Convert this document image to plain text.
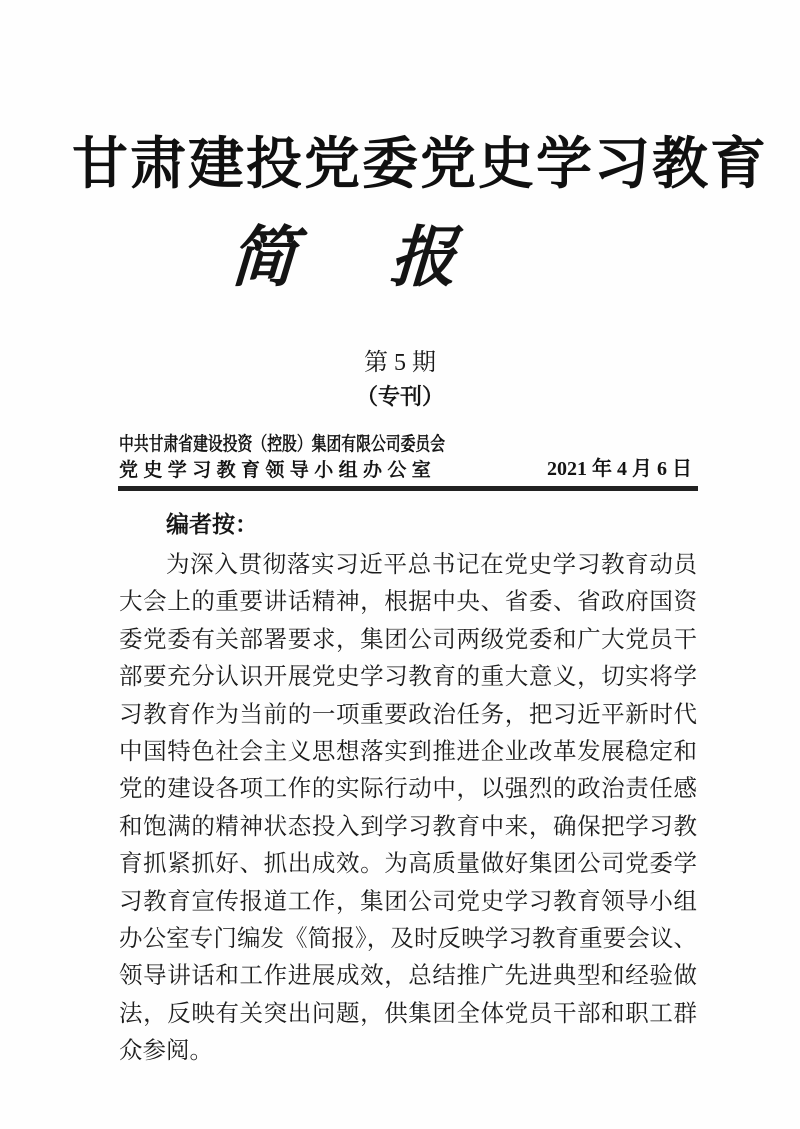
甘肃建投党委党史学习教育
简　报
第 5 期
（专刊）
中共甘肃省建设投资（控股）集团有限公司委员会
党史学习教育领导小组办公室	2021 年 4 月 6 日
编者按：

为深入贯彻落实习近平总书记在党史学习教育动员大会上的重要讲话精神，根据中央、省委、省政府国资委党委有关部署要求，集团公司两级党委和广大党员干部要充分认识开展党史学习教育的重大意义，切实将学习教育作为当前的一项重要政治任务，把习近平新时代中国特色社会主义思想落实到推进企业改革发展稳定和党的建设各项工作的实际行动中，以强烈的政治责任感和饱满的精神状态投入到学习教育中来，确保把学习教育抓紧抓好、抓出成效。为高质量做好集团公司党委学习教育宣传报道工作，集团公司党史学习教育领导小组办公室专门编发《简报》，及时反映学习教育重要会议、领导讲话和工作进展成效，总结推广先进典型和经验做法，反映有关突出问题，供集团全体党员干部和职工群众参阅。
